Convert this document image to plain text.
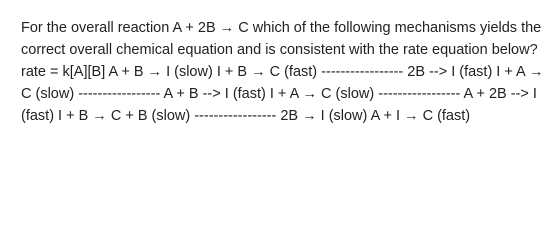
For the overall reaction A + 2B → C which of the following mechanisms yields the correct overall chemical equation and is consistent with the rate equation below? rate = k[A][B] A + B → I (slow) I + B → C (fast) ----------------- 2B --> I (fast) I + A → C (slow) ----------------- A + B --> I (fast) I + A → C (slow) ----------------- A + 2B --> I (fast) I + B → C + B (slow) ----------------- 2B → I (slow) A + I → C (fast)
